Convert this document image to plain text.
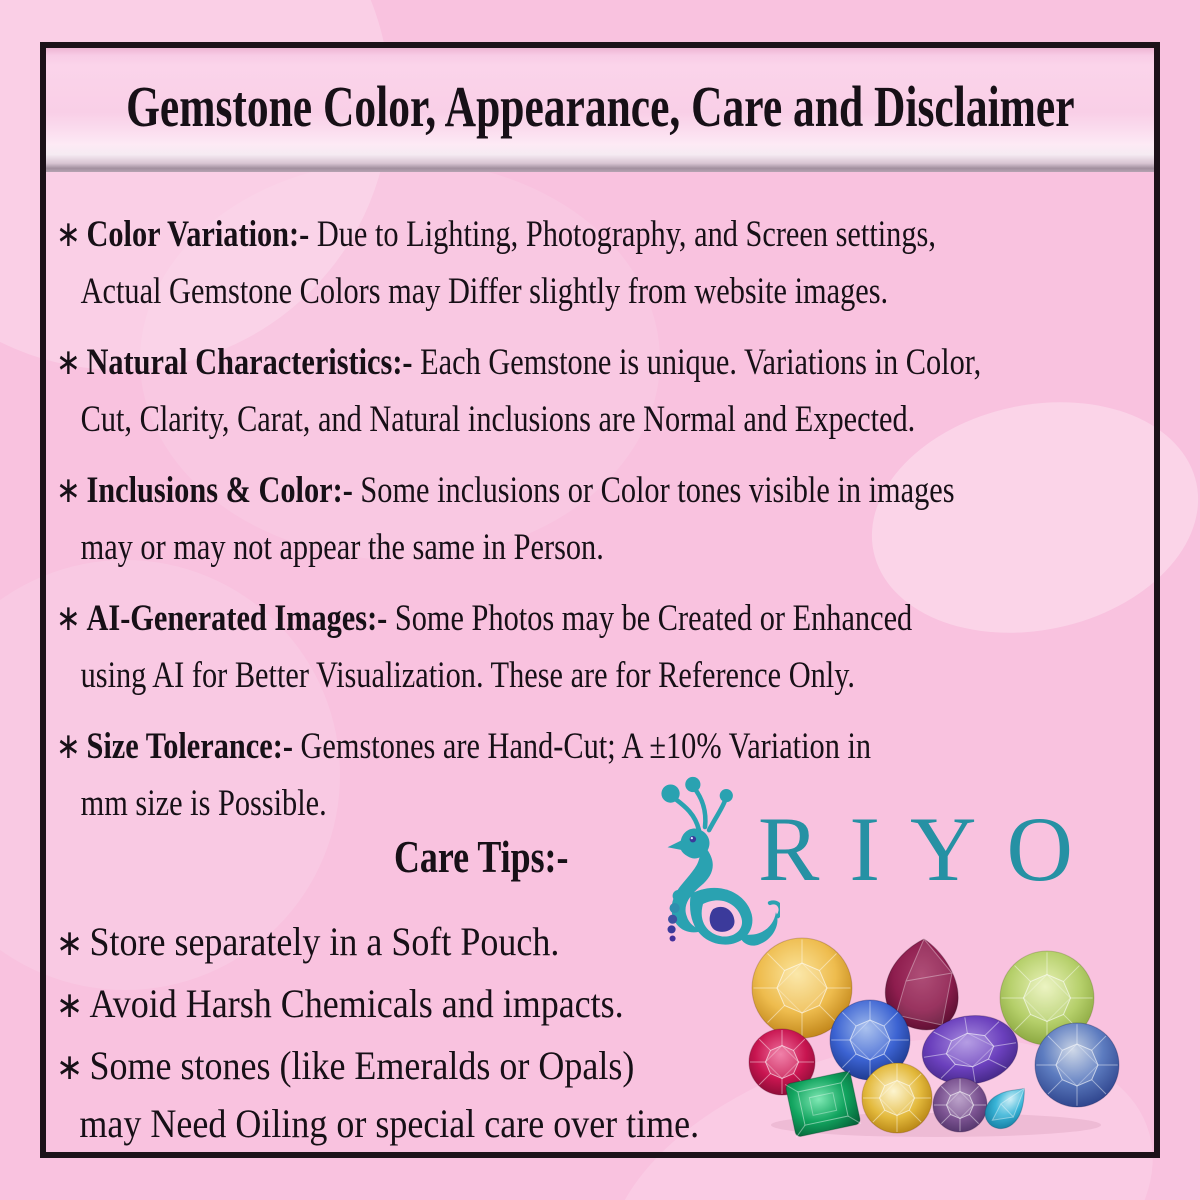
Gemstone Color, Appearance, Care and Disclaimer
∗ Color Variation:- Due to Lighting, Photography, and Screen settings,
Actual Gemstone Colors may Differ slightly from website images.
∗ Natural Characteristics:- Each Gemstone is unique. Variations in Color,
Cut, Clarity, Carat, and Natural inclusions are Normal and Expected.
∗ Inclusions & Color:- Some inclusions or Color tones visible in images
may or may not appear the same in Person.
∗ AI-Generated Images:- Some Photos may be Created or Enhanced
using AI for Better Visualization. These are for Reference Only.
∗ Size Tolerance:- Gemstones are Hand-Cut; A ±10% Variation in
mm size is Possible.
Care Tips:- RIYO
∗ Store separately in a Soft Pouch.
∗ Avoid Harsh Chemicals and impacts.
∗ Some stones (like Emeralds or Opals)
may Need Oiling or special care over time.
